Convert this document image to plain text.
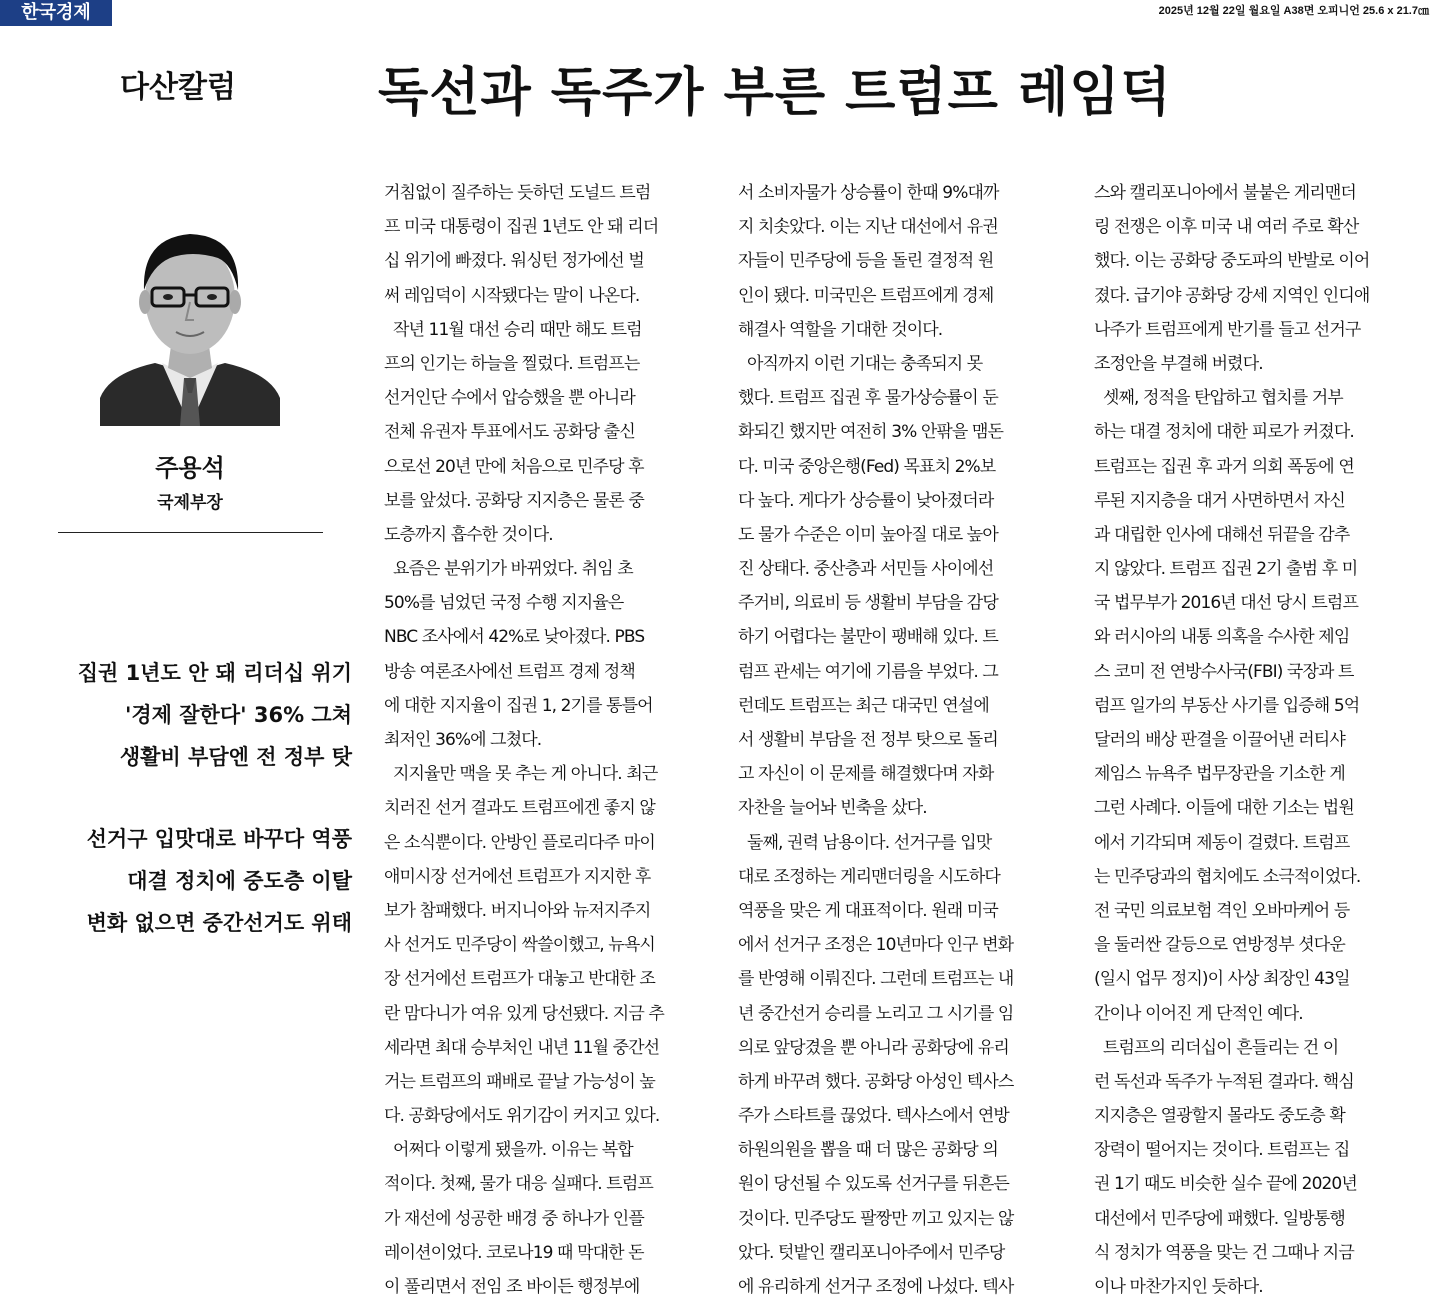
한국경제	2025년 12월 22일 월요일 A38면 오피니언 25.6 x 21.7㎝
다산칼럼	독선과 독주가 부른 트럼프 레임덕
주용석
국제부장
집권 1년도 안 돼 리더십 위기
'경제 잘한다' 36% 그쳐
생활비 부담엔 전 정부 탓
선거구 입맛대로 바꾸다 역풍
대결 정치에 중도층 이탈
변화 없으면 중간선거도 위태
거침없이 질주하는 듯하던 도널드 트럼
프 미국 대통령이 집권 1년도 안 돼 리더
십 위기에 빠졌다. 워싱턴 정가에선 벌
써 레임덕이 시작됐다는 말이 나온다.
작년 11월 대선 승리 때만 해도 트럼
프의 인기는 하늘을 찔렀다. 트럼프는
선거인단 수에서 압승했을 뿐 아니라
전체 유권자 투표에서도 공화당 출신
으로선 20년 만에 처음으로 민주당 후
보를 앞섰다. 공화당 지지층은 물론 중
도층까지 흡수한 것이다.
요즘은 분위기가 바뀌었다. 취임 초
50%를 넘었던 국정 수행 지지율은
NBC 조사에서 42%로 낮아졌다. PBS
방송 여론조사에선 트럼프 경제 정책
에 대한 지지율이 집권 1, 2기를 통틀어
최저인 36%에 그쳤다.
지지율만 맥을 못 추는 게 아니다. 최근
치러진 선거 결과도 트럼프에겐 좋지 않
은 소식뿐이다. 안방인 플로리다주 마이
애미시장 선거에선 트럼프가 지지한 후
보가 참패했다. 버지니아와 뉴저지주지
사 선거도 민주당이 싹쓸이했고, 뉴욕시
장 선거에선 트럼프가 대놓고 반대한 조
란 맘다니가 여유 있게 당선됐다. 지금 추
세라면 최대 승부처인 내년 11월 중간선
거는 트럼프의 패배로 끝날 가능성이 높
다. 공화당에서도 위기감이 커지고 있다.
어쩌다 이렇게 됐을까. 이유는 복합
적이다. 첫째, 물가 대응 실패다. 트럼프
가 재선에 성공한 배경 중 하나가 인플
레이션이었다. 코로나19 때 막대한 돈
이 풀리면서 전임 조 바이든 행정부에
서 소비자물가 상승률이 한때 9%대까
지 치솟았다. 이는 지난 대선에서 유권
자들이 민주당에 등을 돌린 결정적 원
인이 됐다. 미국민은 트럼프에게 경제
해결사 역할을 기대한 것이다.
아직까지 이런 기대는 충족되지 못
했다. 트럼프 집권 후 물가상승률이 둔
화되긴 했지만 여전히 3% 안팎을 맴돈
다. 미국 중앙은행(Fed) 목표치 2%보
다 높다. 게다가 상승률이 낮아졌더라
도 물가 수준은 이미 높아질 대로 높아
진 상태다. 중산층과 서민들 사이에선
주거비, 의료비 등 생활비 부담을 감당
하기 어렵다는 불만이 팽배해 있다. 트
럼프 관세는 여기에 기름을 부었다. 그
런데도 트럼프는 최근 대국민 연설에
서 생활비 부담을 전 정부 탓으로 돌리
고 자신이 이 문제를 해결했다며 자화
자찬을 늘어놔 빈축을 샀다.
둘째, 권력 남용이다. 선거구를 입맛
대로 조정하는 게리맨더링을 시도하다
역풍을 맞은 게 대표적이다. 원래 미국
에서 선거구 조정은 10년마다 인구 변화
를 반영해 이뤄진다. 그런데 트럼프는 내
년 중간선거 승리를 노리고 그 시기를 임
의로 앞당겼을 뿐 아니라 공화당에 유리
하게 바꾸려 했다. 공화당 아성인 텍사스
주가 스타트를 끊었다. 텍사스에서 연방
하원의원을 뽑을 때 더 많은 공화당 의
원이 당선될 수 있도록 선거구를 뒤흔든
것이다. 민주당도 팔짱만 끼고 있지는 않
았다. 텃밭인 캘리포니아주에서 민주당
에 유리하게 선거구 조정에 나섰다. 텍사
스와 캘리포니아에서 불붙은 게리맨더
링 전쟁은 이후 미국 내 여러 주로 확산
했다. 이는 공화당 중도파의 반발로 이어
졌다. 급기야 공화당 강세 지역인 인디애
나주가 트럼프에게 반기를 들고 선거구
조정안을 부결해 버렸다.
셋째, 정적을 탄압하고 협치를 거부
하는 대결 정치에 대한 피로가 커졌다.
트럼프는 집권 후 과거 의회 폭동에 연
루된 지지층을 대거 사면하면서 자신
과 대립한 인사에 대해선 뒤끝을 감추
지 않았다. 트럼프 집권 2기 출범 후 미
국 법무부가 2016년 대선 당시 트럼프
와 러시아의 내통 의혹을 수사한 제임
스 코미 전 연방수사국(FBI) 국장과 트
럼프 일가의 부동산 사기를 입증해 5억
달러의 배상 판결을 이끌어낸 러티샤
제임스 뉴욕주 법무장관을 기소한 게
그런 사례다. 이들에 대한 기소는 법원
에서 기각되며 제동이 걸렸다. 트럼프
는 민주당과의 협치에도 소극적이었다.
전 국민 의료보험 격인 오바마케어 등
을 둘러싼 갈등으로 연방정부 셧다운
(일시 업무 정지)이 사상 최장인 43일
간이나 이어진 게 단적인 예다.
트럼프의 리더십이 흔들리는 건 이
런 독선과 독주가 누적된 결과다. 핵심
지지층은 열광할지 몰라도 중도층 확
장력이 떨어지는 것이다. 트럼프는 집
권 1기 때도 비슷한 실수 끝에 2020년
대선에서 민주당에 패했다. 일방통행
식 정치가 역풍을 맞는 건 그때나 지금
이나 마찬가지인 듯하다.
